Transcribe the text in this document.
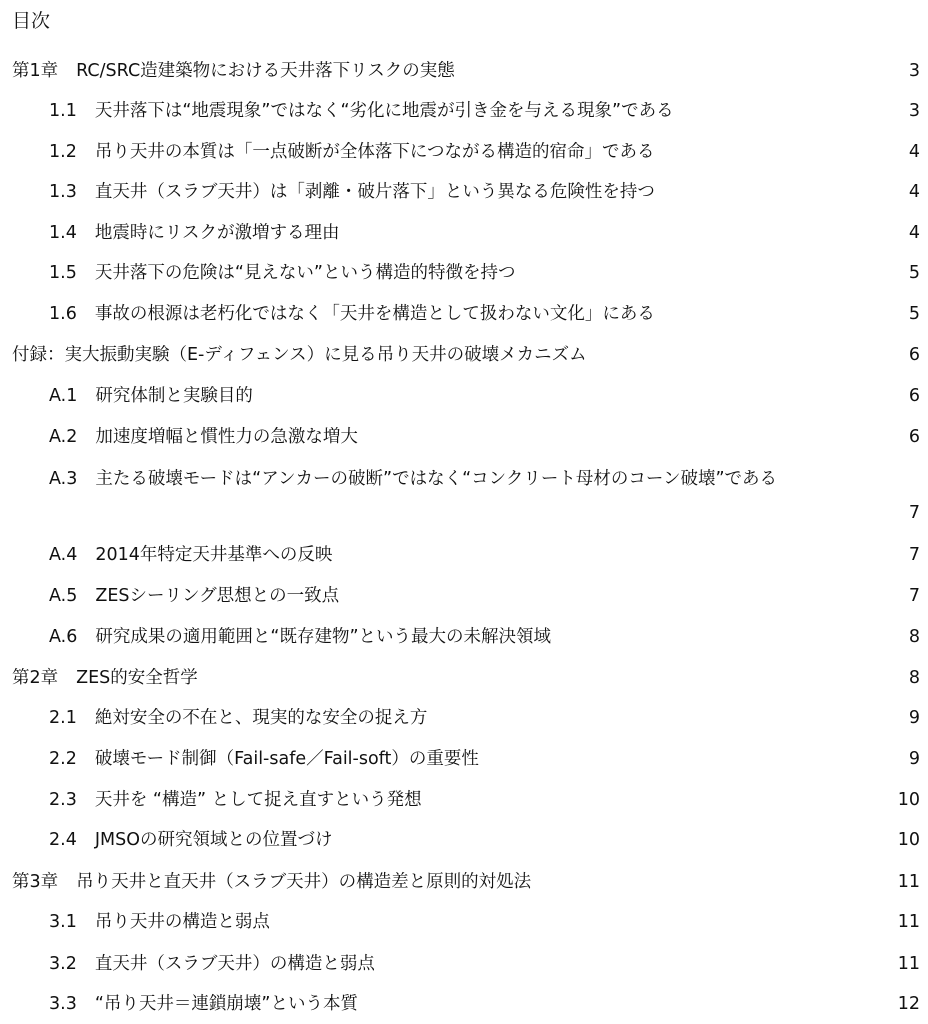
目次
第1章 RC/SRC造建築物における天井落下リスクの実態	3
1.1 天井落下は“地震現象”ではなく“劣化に地震が引き金を与える現象”である	3
1.2 吊り天井の本質は「一点破断が全体落下につながる構造的宿命」である	4
1.3 直天井（スラブ天井）は「剥離・破片落下」という異なる危険性を持つ	4
1.4 地震時にリスクが激増する理由	4
1.5 天井落下の危険は“見えない”という構造的特徴を持つ	5
1.6 事故の根源は老朽化ではなく「天井を構造として扱わない文化」にある	5
付録：実大振動実験（E-ディフェンス）に見る吊り天井の破壊メカニズム	6
A.1 研究体制と実験目的	6
A.2 加速度増幅と慣性力の急激な増大	6
A.3 主たる破壊モードは“アンカーの破断”ではなく“コンクリート母材のコーン破壊”である
7
A.4 2014年特定天井基準への反映	7
A.5 ZESシーリング思想との一致点	7
A.6 研究成果の適用範囲と“既存建物”という最大の未解決領域	8
第2章 ZES的安全哲学	8
2.1 絶対安全の不在と、現実的な安全の捉え方	9
2.2 破壊モード制御（Fail-safe／Fail-soft）の重要性	9
2.3 天井を “構造” として捉え直すという発想	10
2.4 JMSOの研究領域との位置づけ	10
第3章 吊り天井と直天井（スラブ天井）の構造差と原則的対処法	11
3.1 吊り天井の構造と弱点	11
3.2 直天井（スラブ天井）の構造と弱点	11
3.3 “吊り天井＝連鎖崩壊”という本質	12
